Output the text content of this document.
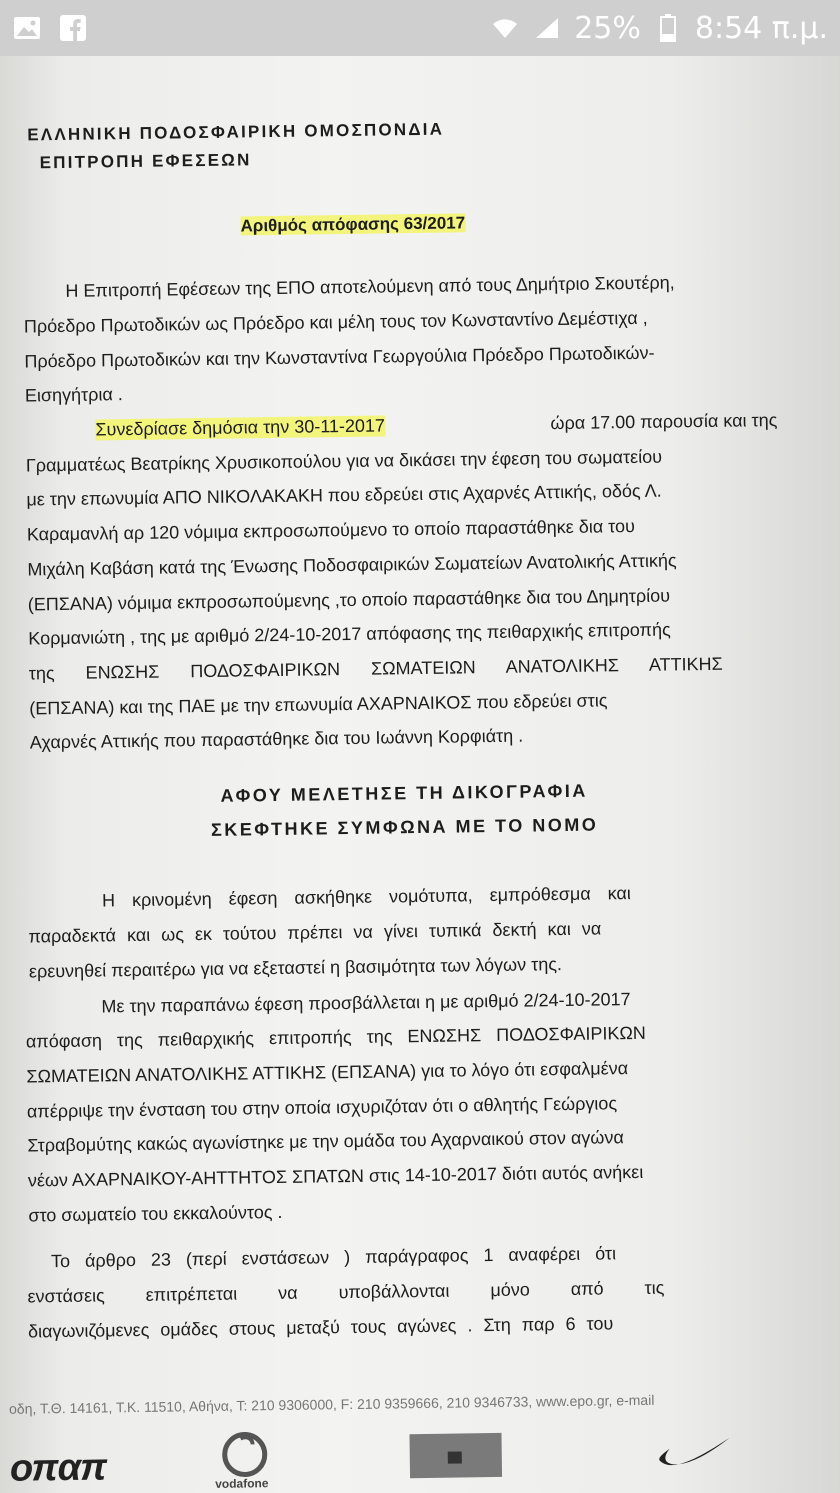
25% 8:54 π.μ.
ΕΛΛΗΝΙΚΗ ΠΟΔΟΣΦΑΙΡΙΚΗ ΟΜΟΣΠΟΝΔΙΑ
ΕΠΙΤΡΟΠΗ ΕΦΕΣΕΩΝ
Αριθμός απόφασης 63/2017
Η Επιτροπή Εφέσεων της ΕΠΟ αποτελούμενη από τους Δημήτριο Σκουτέρη,
Πρόεδρο Πρωτοδικών ως Πρόεδρο και μέλη τους τον Κωνσταντίνο Δεμέστιχα ,
Πρόεδρο Πρωτοδικών και την Κωνσταντίνα Γεωργούλια Πρόεδρο Πρωτοδικών-
Εισηγήτρια .
Συνεδρίασε δημόσια την 30-11-2017	ώρα 17.00 παρουσία και της
Γραμματέως Βεατρίκης Χρυσικοπούλου για να δικάσει την έφεση του σωματείου
με την επωνυμία ΑΠΟ ΝΙΚΟΛΑΚΑΚΗ που εδρεύει στις Αχαρνές Αττικής, οδός Λ.
Καραμανλή αρ 120 νόμιμα εκπροσωπούμενο το οποίο παραστάθηκε δια του
Μιχάλη Καβάση κατά της Ένωσης Ποδοσφαιρικών Σωματείων Ανατολικής Αττικής
(ΕΠΣΑΝΑ) νόμιμα εκπροσωπούμενης ,το οποίο παραστάθηκε δια του Δημητρίου
Κορμανιώτη , της με αριθμό 2/24-10-2017 απόφασης της πειθαρχικής επιτροπής
της ΕΝΩΣΗΣ ΠΟΔΟΣΦΑΙΡΙΚΩΝ ΣΩΜΑΤΕΙΩΝ ΑΝΑΤΟΛΙΚΗΣ ΑΤΤΙΚΗΣ
(ΕΠΣΑΝΑ) και της ΠΑΕ με την επωνυμία ΑΧΑΡΝΑΙΚΟΣ που εδρεύει στις
Αχαρνές Αττικής που παραστάθηκε δια του Ιωάννη Κορφιάτη .
ΑΦΟΥ ΜΕΛΕΤΗΣΕ ΤΗ ΔΙΚΟΓΡΑΦΙΑ
ΣΚΕΦΤΗΚΕ ΣΥΜΦΩΝΑ ΜΕ ΤΟ ΝΟΜΟ
Η κρινομένη έφεση ασκήθηκε νομότυπα, εμπρόθεσμα και
παραδεκτά και ως εκ τούτου πρέπει να γίνει τυπικά δεκτή και να
ερευνηθεί περαιτέρω για να εξεταστεί η βασιμότητα των λόγων της.
Με την παραπάνω έφεση προσβάλλεται η με αριθμό 2/24-10-2017
απόφαση της πειθαρχικής επιτροπής της ΕΝΩΣΗΣ ΠΟΔΟΣΦΑΙΡΙΚΩΝ
ΣΩΜΑΤΕΙΩΝ ΑΝΑΤΟΛΙΚΗΣ ΑΤΤΙΚΗΣ (ΕΠΣΑΝΑ) για το λόγο ότι εσφαλμένα
απέρριψε την ένσταση του στην οποία ισχυριζόταν ότι ο αθλητής Γεώργιος
Στραβομύτης κακώς αγωνίστηκε με την ομάδα του Αχαρναικού στον αγώνα
νέων ΑΧΑΡΝΑΙΚΟΥ-ΑΗΤΤΗΤΟΣ ΣΠΑΤΩΝ στις 14-10-2017 διότι αυτός ανήκει
στο σωματείο του εκκαλούντος .
Το άρθρο 23 (περί ενστάσεων ) παράγραφος 1 αναφέρει ότι
ενστάσεις επιτρέπεται να υποβάλλονται μόνο από τις
διαγωνιζόμενες ομάδες στους μεταξύ τους αγώνες . Στη παρ 6 του
οδη, Τ.Θ. 14161, Τ.Κ. 11510, Αθήνα, Τ: 210 9306000, F: 210 9359666, 210 9346733, www.epo.gr, e-mail
οπαπ	vodafone
